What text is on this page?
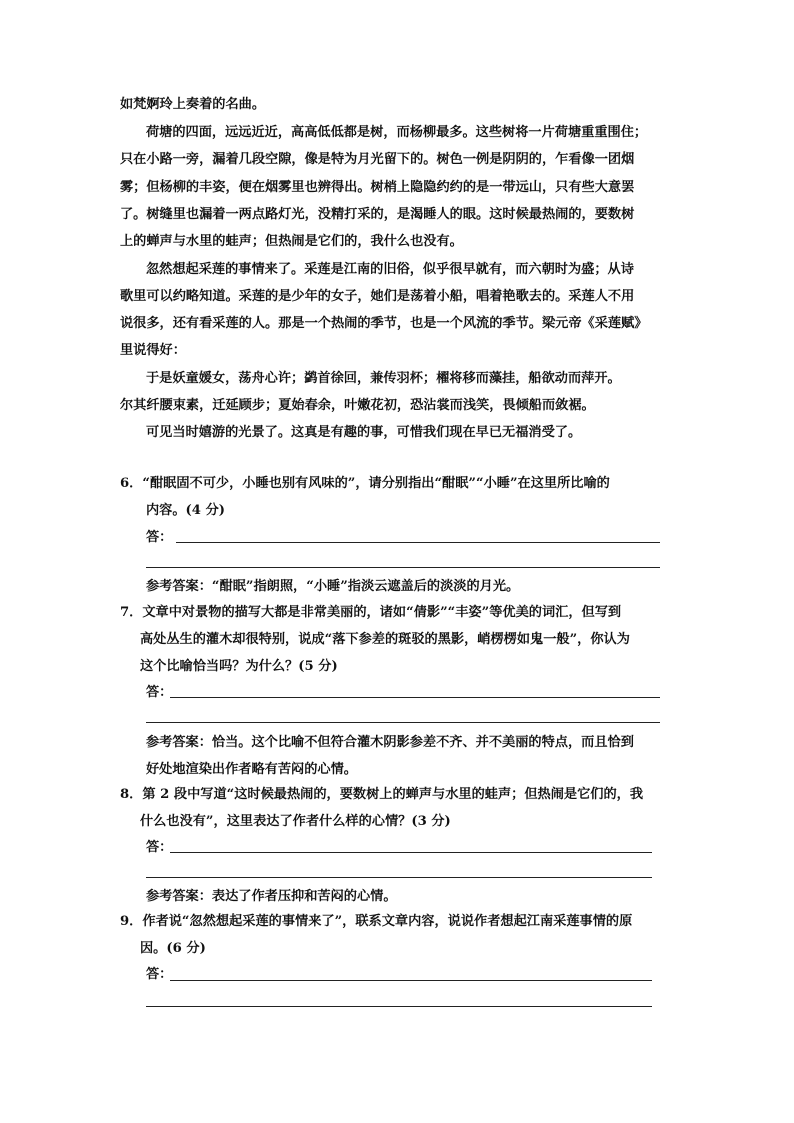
如梵婀玲上奏着的名曲。
荷塘的四面，远远近近，高高低低都是树，而杨柳最多。这些树将一片荷塘重重围住；
只在小路一旁，漏着几段空隙，像是特为月光留下的。树色一例是阴阴的，乍看像一团烟
雾；但杨柳的丰姿，便在烟雾里也辨得出。树梢上隐隐约约的是一带远山，只有些大意罢
了。树缝里也漏着一两点路灯光，没精打采的，是渴睡人的眼。这时候最热闹的，要数树
上的蝉声与水里的蛙声；但热闹是它们的，我什么也没有。
忽然想起采莲的事情来了。采莲是江南的旧俗，似乎很早就有，而六朝时为盛；从诗
歌里可以约略知道。采莲的是少年的女子，她们是荡着小船，唱着艳歌去的。采莲人不用
说很多，还有看采莲的人。那是一个热闹的季节，也是一个风流的季节。梁元帝《采莲赋》
里说得好：
于是妖童媛女，荡舟心许；鹢首徐回，兼传羽杯；櫂将移而藻挂，船欲动而萍开。
尔其纤腰束素，迁延顾步；夏始春余，叶嫩花初，恐沾裳而浅笑，畏倾船而敛裾。
可见当时嬉游的光景了。这真是有趣的事，可惜我们现在早已无福消受了。
6．“酣眠固不可少，小睡也别有风味的”，请分别指出“酣眠”“小睡”在这里所比喻的
内容。(4 分)
答：
参考答案：“酣眠”指朗照，“小睡”指淡云遮盖后的淡淡的月光。
7．文章中对景物的描写大都是非常美丽的，诸如“倩影”“丰姿”等优美的词汇，但写到
高处丛生的灌木却很特别，说成“落下参差的斑驳的黑影，峭楞楞如鬼一般”，你认为
这个比喻恰当吗？为什么？(5 分)
答：
参考答案：恰当。这个比喻不但符合灌木阴影参差不齐、并不美丽的特点，而且恰到
好处地渲染出作者略有苦闷的心情。
8．第 2 段中写道“这时候最热闹的，要数树上的蝉声与水里的蛙声；但热闹是它们的，我
什么也没有”，这里表达了作者什么样的心情？(3 分)
答：
参考答案：表达了作者压抑和苦闷的心情。
9．作者说“忽然想起采莲的事情来了”，联系文章内容，说说作者想起江南采莲事情的原
因。(6 分)
答：
